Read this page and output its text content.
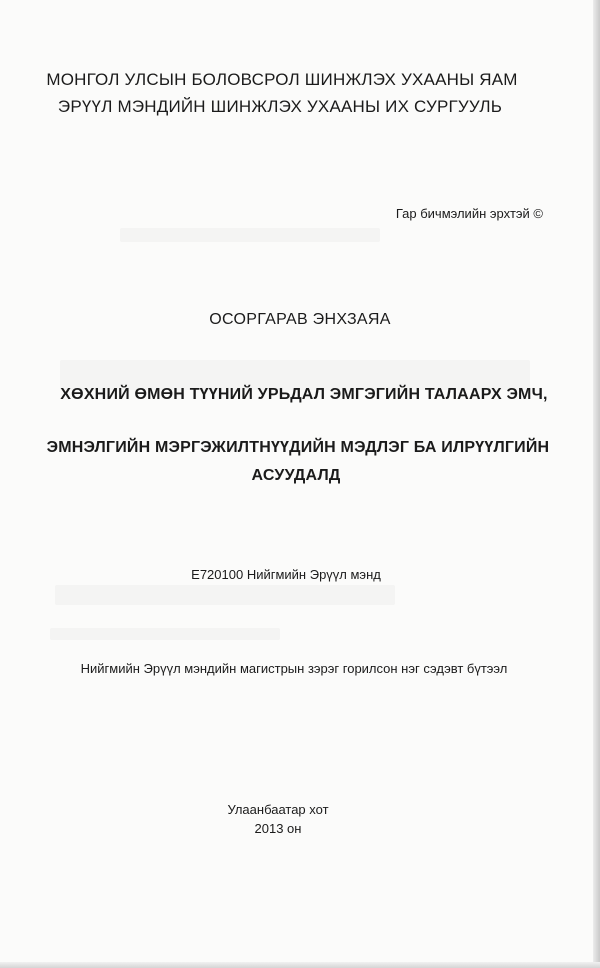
МОНГОЛ УЛСЫН БОЛОВСРОЛ ШИНЖЛЭХ УХААНЫ ЯАМ

ЭРҮҮЛ МЭНДИЙН ШИНЖЛЭХ УХААНЫ ИХ СУРГУУЛЬ

Гар бичмэлийн эрхтэй ©

ОСОРГАРАВ ЭНХЗАЯА

ХӨХНИЙ ӨМӨН ТҮҮНИЙ УРЬДАЛ ЭМГЭГИЙН ТАЛААРХ ЭМЧ,

ЭМНЭЛГИЙН МЭРГЭЖИЛТНҮҮДИЙН МЭДЛЭГ БА ИЛРҮҮЛГИЙН

АСУУДАЛД

E720100 Нийгмийн Эрүүл мэнд

Нийгмийн Эрүүл мэндийн магистрын зэрэг горилсон нэг сэдэвт бүтээл

Улаанбаатар хот

2013 он
